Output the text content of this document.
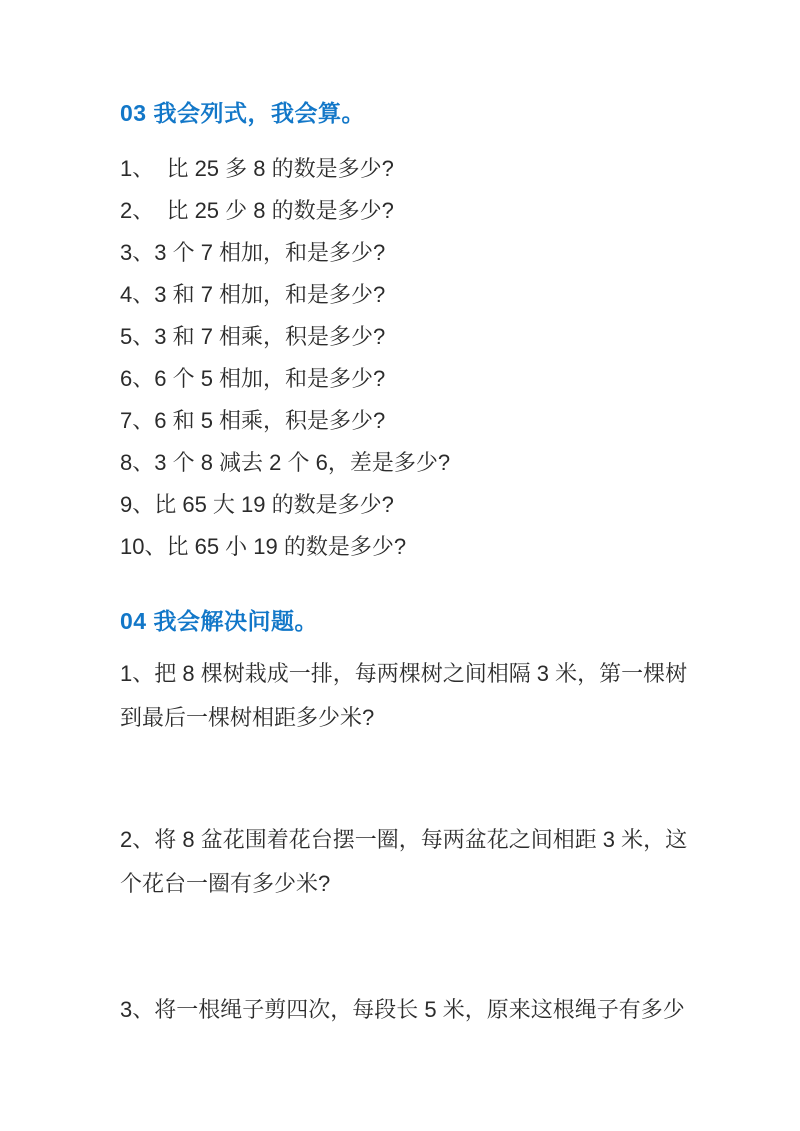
03 我会列式，我会算。
1、  比 25 多 8 的数是多少?
2、  比 25 少 8 的数是多少?
3、3 个 7 相加，和是多少?
4、3 和 7 相加，和是多少?
5、3 和 7 相乘，积是多少?
6、6 个 5 相加，和是多少?
7、6 和 5 相乘，积是多少?
8、3 个 8 减去 2 个 6，差是多少?
9、比 65 大 19 的数是多少?
10、比 65 小 19 的数是多少?
04 我会解决问题。
1、把 8 棵树栽成一排，每两棵树之间相隔 3 米，第一棵树
到最后一棵树相距多少米?
2、将 8 盆花围着花台摆一圈，每两盆花之间相距 3 米，这
个花台一圈有多少米?
3、将一根绳子剪四次，每段长 5 米，原来这根绳子有多少
